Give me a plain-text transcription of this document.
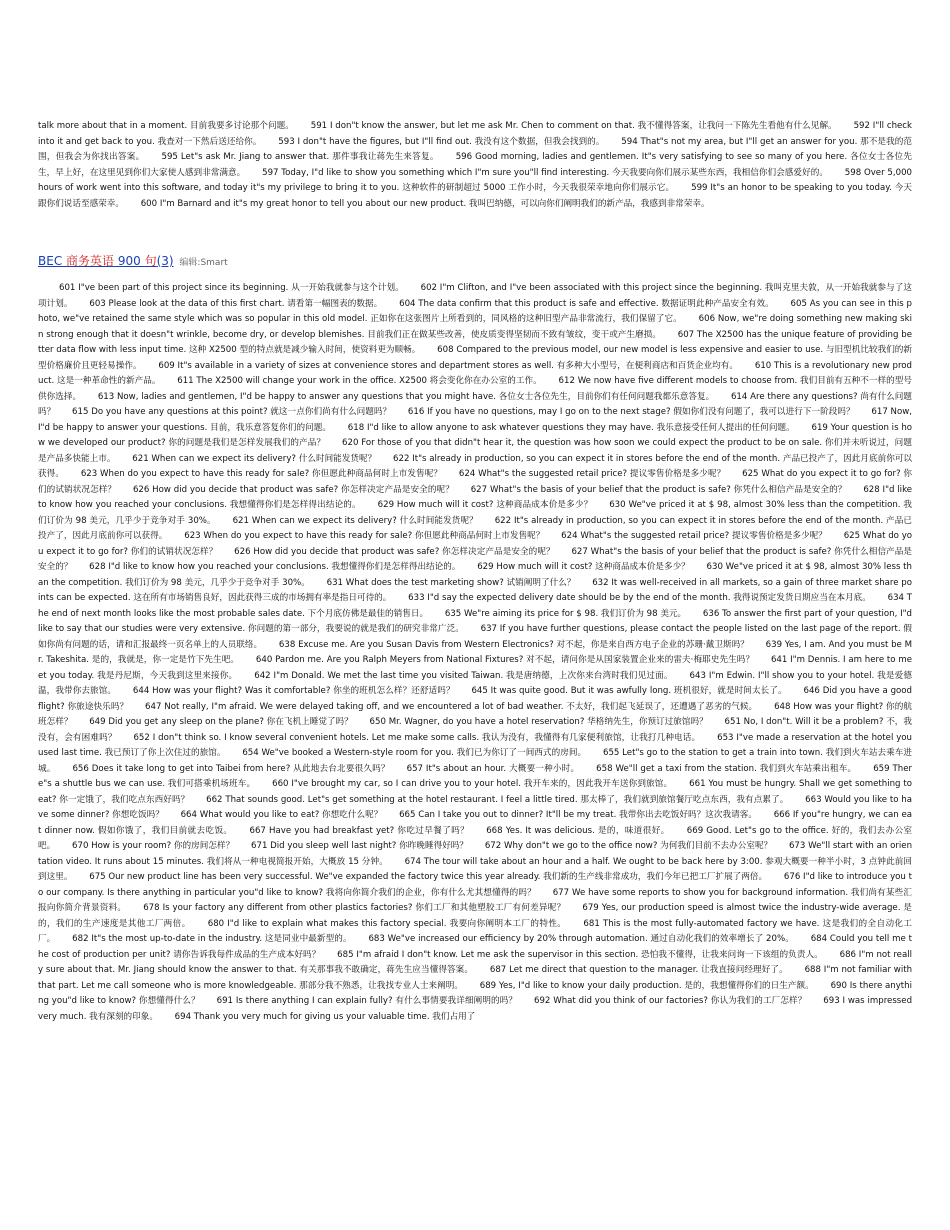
talk more about that in a moment. 目前我要多讨论那个问题。 591 I don"t know the answer, but let me ask Mr. Chen to comment on that. 我不懂得答案，让我问一下陈先生看他有什么见解。 592 I"ll check into it and get back to you. 我查对一下然后送还给你。 593 I don"t have the figures, but I"ll find out. 我没有这个数据，但我会找到的。 594 That"s not my area, but I"ll get an answer for you. 那不是我的范围，但我会为你找出答案。 595 Let"s ask Mr. Jiang to answer that. 那件事我让蒋先生来答复。 596 Good morning, ladies and gentlemen. It"s very satisfying to see so many of you here. 各位女士各位先生，早上好，在这里见到你们大家使人感到非常满意。 597 Today, I"d like to show you something which I"m sure you"ll find interesting. 今天我要向你们展示某些东西，我相信你们会感爱好的。 598 Over 5,000 hours of work went into this software, and today it"s my privilege to bring it to you. 这种软件的研制超过 5000 工作小时，今天我很荣幸地向你们展示它。 599 It"s an honor to be speaking to you today. 今天跟你们说话至感荣幸。 600 I"m Barnard and it"s my great honor to tell you about our new product. 我叫巴纳德，可以向你们阐明我们的新产品，我感到非常荣幸。

BEC 商务英语 900 句(3) 编辑:Smart

601 I"ve been part of this project since its beginning. 从一开始我就参与这个计划。 602 I"m Clifton, and I"ve been associated with this project since the beginning. 我叫克里夫敦，从一开始我就参与了这项计划。 603 Please look at the data of this first chart. 请看第一幅图表的数据。 604 The data confirm that this product is safe and effective. 数据证明此种产品安全有效。 605 As you can see in this photo, we"ve retained the same style which was so popular in this old model. 正如你在这张图片上所看到的，同风格的这种旧型产品非常流行，我们保留了它。 606 Now, we"re doing something new making skin strong enough that it doesn"t wrinkle, become dry, or develop blemishes. 目前我们正在做某些改善，使皮质变得坚韧而不致有皱纹，变干或产生磨损。 607 The X2500 has the unique feature of providing better data flow with less input time. 这种 X2500 型的特点就是减少输入时间，使资料更为顺畅。 608 Compared to the previous model, our new model is less expensive and easier to use. 与旧型机比较我们的新型价格廉价且更轻易操作。 609 It"s available in a variety of sizes at convenience stores and department stores as well. 有多种大小型号，在便利商店和百货企业均有。 610 This is a revolutionary new product. 这是一种革命性的新产品。 611 The X2500 will change your work in the office. X2500 将会变化你在办公室的工作。 612 We now have five different models to choose from. 我们目前有五种不一样的型号供你选择。 613 Now, ladies and gentlemen, I"d be happy to answer any questions that you might have. 各位女士各位先生，目前你们有任何问题我都乐意答复。 614 Are there any questions? 尚有什么问题吗？ 615 Do you have any questions at this point? 就这一点你们尚有什么问题吗？ 616 If you have no questions, may I go on to the next stage? 假如你们没有问题了，我可以进行下一阶段吗？ 617 Now, I"d be happy to answer your questions. 目前，我乐意答复你们的问题。 618 I"d like to allow anyone to ask whatever questions they may have. 我乐意接受任何人提出的任何问题。 619 Your question is how we developed our product? 你的问题是我们是怎样发展我们的产品？ 620 For those of you that didn"t hear it, the question was how soon we could expect the product to be on sale. 你们并未听说过，问题是产品多快能上市。 621 When can we expect its delivery? 什么时间能发货呢？ 622 It"s already in production, so you can expect it in stores before the end of the month. 产品已投产了，因此月底前你可以获得。 623 When do you expect to have this ready for sale? 你但愿此种商品何时上市发售呢？ 624 What"s the suggested retail price? 提议零售价格是多少呢？ 625 What do you expect it to go for? 你们的试销状况怎样？ 626 How did you decide that product was safe? 你怎样决定产品是安全的呢？ 627 What"s the basis of your belief that the product is safe? 你凭什么相信产品是安全的？ 628 I"d like to know how you reached your conclusions. 我想懂得你们是怎样得出结论的。 629 How much will it cost? 这种商品成本价是多少？ 630 We"ve priced it at $ 98, almost 30% less than the competition. 我们订价为 98 美元，几乎少于竞争对手 30%。 621 When can we expect its delivery? 什么时间能发货呢？ 622 It"s already in production, so you can expect it in stores before the end of the month. 产品已投产了，因此月底前你可以获得。 623 When do you expect to have this ready for sale? 你但愿此种商品何时上市发售呢？ 624 What"s the suggested retail price? 提议零售价格是多少呢？ 625 What do you expect it to go for? 你们的试销状况怎样？ 626 How did you decide that product was safe? 你怎样决定产品是安全的呢？ 627 What"s the basis of your belief that the product is safe? 你凭什么相信产品是安全的？ 628 I"d like to know how you reached your conclusions. 我想懂得你们是怎样得出结论的。 629 How much will it cost? 这种商品成本价是多少？ 630 We"ve priced it at $ 98, almost 30% less than the competition. 我们订价为 98 美元，几乎少于竞争对手 30%。 631 What does the test marketing show? 试销阐明了什么？ 632 It was well-received in all markets, so a gain of three market share points can be expected. 这在所有市场销售良好，因此获得三成的市场拥有率是指日可待的。 633 I"d say the expected delivery date should be by the end of the month. 我得说预定发货日期应当在本月底。 634 The end of next month looks like the most probable sales date. 下个月底仿佛是最佳的销售日。 635 We"re aiming its price for $ 98. 我们订价为 98 美元。 636 To answer the first part of your question, I"d like to say that our studies were very extensive. 你问题的第一部分，我要说的就是我们的研究非常广泛。 637 If you have further questions, please contact the people listed on the last page of the report. 假如你尚有问题的话，请和汇报最终一页名单上的人员联络。 638 Excuse me. Are you Susan Davis from Western Electronics? 对不起，你是来自西方电子企业的苏珊·戴卫斯吗？ 639 Yes, I am. And you must be Mr. Takeshita. 是的，我就是，你一定是竹下先生吧。 640 Pardon me. Are you Ralph Meyers from National Fixtures? 对不起，请问你是从国家装置企业来的雷夫·梅耶史先生吗？ 641 I"m Dennis. I am here to meet you today. 我是丹尼斯，今天我到这里来接你。 642 I"m Donald. We met the last time you visited Taiwan. 我是唐纳德，上次你来台湾时我们见过面。 643 I"m Edwin. I"ll show you to your hotel. 我是爱德温，我带你去旅馆。 644 How was your flight? Was it comfortable? 你坐的班机怎么样？还舒适吗？ 645 It was quite good. But it was awfully long. 班机很好，就是时间太长了。 646 Did you have a good flight? 你旅途快乐吗？ 647 Not really, I"m afraid. We were delayed taking off, and we encountered a lot of bad weather. 不太好，我们起飞延误了，还遭遇了恶劣的气候。 648 How was your flight? 你的航班怎样？ 649 Did you get any sleep on the plane? 你在飞机上睡觉了吗？ 650 Mr. Wagner, do you have a hotel reservation? 华格纳先生，你预订过旅馆吗？ 651 No, I don"t. Will it be a problem? 不，我没有，会有困难吗？ 652 I don"t think so. I know several convenient hotels. Let me make some calls. 我认为没有，我懂得有几家便利旅馆，让我打几种电话。 653 I"ve made a reservation at the hotel you used last time. 我已预订了你上次住过的旅馆。 654 We"ve booked a Western-style room for you. 我们已为你订了一间西式的房间。 655 Let"s go to the station to get a train into town. 我们到火车站去乘车进城。 656 Does it take long to get into Taibei from here? 从此地去台北要很久吗？ 657 It"s about an hour. 大概要一种小时。 658 We"ll get a taxi from the station. 我们到火车站乘出租车。 659 There"s a shuttle bus we can use. 我们可搭乘机场班车。 660 I"ve brought my car, so I can drive you to your hotel. 我开车来的，因此我开车送你到旅馆。 661 You must be hungry. Shall we get something to eat? 你一定饿了，我们吃点东西好吗？ 662 That sounds good. Let"s get something at the hotel restaurant. I feel a little tired. 那太棒了，我们就到旅馆餐厅吃点东西，我有点累了。 663 Would you like to have some dinner? 你想吃饭吗？ 664 What would you like to eat? 你想吃什么呢？ 665 Can I take you out to dinner? It"ll be my treat. 我带你出去吃饭好吗？这次我请客。 666 If you"re hungry, we can eat dinner now. 假如你饿了，我们目前就去吃饭。 667 Have you had breakfast yet? 你吃过早餐了吗？ 668 Yes. It was delicious. 是的，味道很好。 669 Good. Let"s go to the office. 好的，我们去办公室吧。 670 How is your room? 你的房间怎样？ 671 Did you sleep well last night? 你昨晚睡得好吗？ 672 Why don"t we go to the office now? 为何我们目前不去办公室呢？ 673 We"ll start with an orientation video. It runs about 15 minutes. 我们将从一种电视简报开始，大概放 15 分钟。 674 The tour will take about an hour and a half. We ought to be back here by 3:00. 参观大概要一种半小时，3 点钟此前回到这里。 675 Our new product line has been very successful. We"ve expanded the factory twice this year already. 我们新的生产线非常成功，我们今年已把工厂扩展了两倍。 676 I"d like to introduce you to our company. Is there anything in particular you"d like to know? 我将向你简介我们的企业，你有什么尤其想懂得的吗？ 677 We have some reports to show you for background information. 我们尚有某些汇报向你简介背景资料。 678 Is your factory any different from other plastics factories? 你们工厂和其他塑胶工厂有何差异呢？ 679 Yes, our production speed is almost twice the industry-wide average. 是的，我们的生产速度是其他工厂两倍。 680 I"d like to explain what makes this factory special. 我要向你阐明本工厂的特性。 681 This is the most fully-automated factory we have. 这是我们的全自动化工厂。 682 It"s the most up-to-date in the industry. 这是同业中最新型的。 683 We"ve increased our efficiency by 20% through automation. 通过自动化我们的效率增长了 20%。 684 Could you tell me the cost of production per unit? 请你告诉我每件成品的生产成本好吗？ 685 I"m afraid I don"t know. Let me ask the supervisor in this section. 恐怕我不懂得，让我来问询一下该组的负责人。 686 I"m not really sure about that. Mr. Jiang should know the answer to that. 有关那事我不敢确定，蒋先生应当懂得答案。 687 Let me direct that question to the manager. 让我直接问经理好了。 688 I"m not familiar with that part. Let me call someone who is more knowledgeable. 那部分我不熟悉，让我找专业人士来阐明。 689 Yes, I"d like to know your daily production. 是的，我想懂得你们的日生产额。 690 Is there anything you"d like to know? 你想懂得什么？ 691 Is there anything I can explain fully? 有什么事情要我详细阐明的吗？ 692 What did you think of our factories? 你认为我们的工厂怎样？ 693 I was impressed very much. 我有深刻的印象。 694 Thank you very much for giving us your valuable time. 我们占用了
